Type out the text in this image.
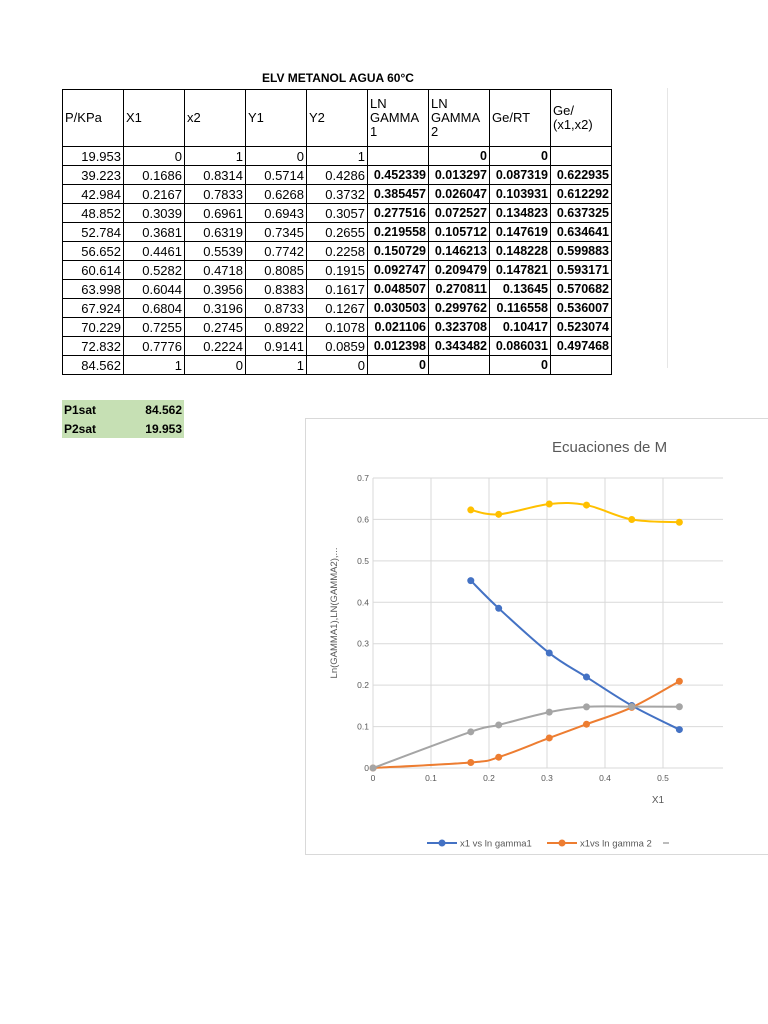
ELV METANOL AGUA 60°C
P/KPa	X1	x2	Y1	Y2	LN GAMMA 1	LN GAMMA 2	Ge/RT	Ge/ (x1,x2)
19.953	0	1	0	1		0	0	
39.223	0.1686	0.8314	0.5714	0.4286	0.452339	0.013297	0.087319	0.622935
42.984	0.2167	0.7833	0.6268	0.3732	0.385457	0.026047	0.103931	0.612292
48.852	0.3039	0.6961	0.6943	0.3057	0.277516	0.072527	0.134823	0.637325
52.784	0.3681	0.6319	0.7345	0.2655	0.219558	0.105712	0.147619	0.634641
56.652	0.4461	0.5539	0.7742	0.2258	0.150729	0.146213	0.148228	0.599883
60.614	0.5282	0.4718	0.8085	0.1915	0.092747	0.209479	0.147821	0.593171
63.998	0.6044	0.3956	0.8383	0.1617	0.048507	0.270811	0.13645	0.570682
67.924	0.6804	0.3196	0.8733	0.1267	0.030503	0.299762	0.116558	0.536007
70.229	0.7255	0.2745	0.8922	0.1078	0.021106	0.323708	0.10417	0.523074
72.832	0.7776	0.2224	0.9141	0.0859	0.012398	0.343482	0.086031	0.497468
84.562	1	0	1	0	0		0	
P1sat	84.562
P2sat	19.953
Ecuaciones de M
0
0.1
0.2
0.3
0.4
0.5
0.6
0.7
0	0.1	0.2	0.3	0.4	0.5
X1
Ln(GAMMA1),LN(GAMMA2),...
x1 vs ln gamma1	x1vs ln gamma 2
